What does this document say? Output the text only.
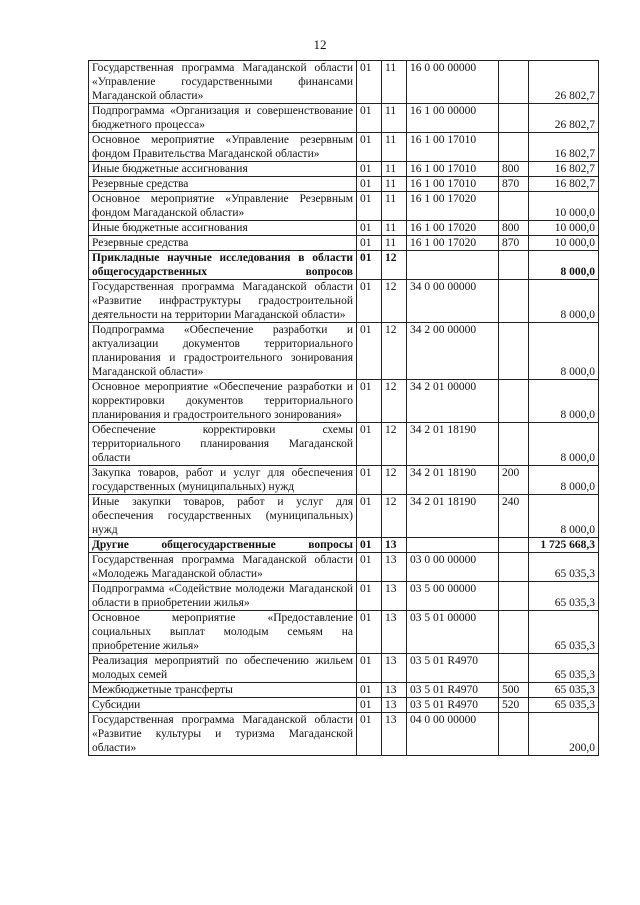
12
Государственная программа Магаданской области «Управление государственными финансами Магаданской области»	01	11	16 0 00 00000		26 802,7
Подпрограмма «Организация и совершенствование бюджетного процесса»	01	11	16 1 00 00000		26 802,7
Основное мероприятие «Управление резервным фондом Правительства Магаданской области»	01	11	16 1 00 17010		16 802,7
Иные бюджетные ассигнования	01	11	16 1 00 17010	800	16 802,7
Резервные средства	01	11	16 1 00 17010	870	16 802,7
Основное мероприятие «Управление Резервным фондом Магаданской области»	01	11	16 1 00 17020		10 000,0
Иные бюджетные ассигнования	01	11	16 1 00 17020	800	10 000,0
Резервные средства	01	11	16 1 00 17020	870	10 000,0
Прикладные научные исследования в области общегосударственных вопросов	01	12			8 000,0
Государственная программа Магаданской области «Развитие инфраструктуры градостроительной деятельности на территории Магаданской области»	01	12	34 0 00 00000		8 000,0
Подпрограмма «Обеспечение разработки и актуализации документов территориального планирования и градостроительного зонирования Магаданской области»	01	12	34 2 00 00000		8 000,0
Основное мероприятие «Обеспечение разработки и корректировки документов территориального планирования и градостроительного зонирования»	01	12	34 2 01 00000		8 000,0
Обеспечение корректировки схемы территориального планирования Магаданской области	01	12	34 2 01 18190		8 000,0
Закупка товаров, работ и услуг для обеспечения государственных (муниципальных) нужд	01	12	34 2 01 18190	200	8 000,0
Иные закупки товаров, работ и услуг для обеспечения государственных (муниципальных) нужд	01	12	34 2 01 18190	240	8 000,0
Другие общегосударственные вопросы	01	13			1 725 668,3
Государственная программа Магаданской области «Молодежь Магаданской области»	01	13	03 0 00 00000		65 035,3
Подпрограмма «Содействие молодежи Магаданской области в приобретении жилья»	01	13	03 5 00 00000		65 035,3
Основное мероприятие «Предоставление социальных выплат молодым семьям на приобретение жилья»	01	13	03 5 01 00000		65 035,3
Реализация мероприятий по обеспечению жильем молодых семей	01	13	03 5 01 R4970		65 035,3
Межбюджетные трансферты	01	13	03 5 01 R4970	500	65 035,3
Субсидии	01	13	03 5 01 R4970	520	65 035,3
Государственная программа Магаданской области «Развитие культуры и туризма Магаданской области»	01	13	04 0 00 00000		200,0
